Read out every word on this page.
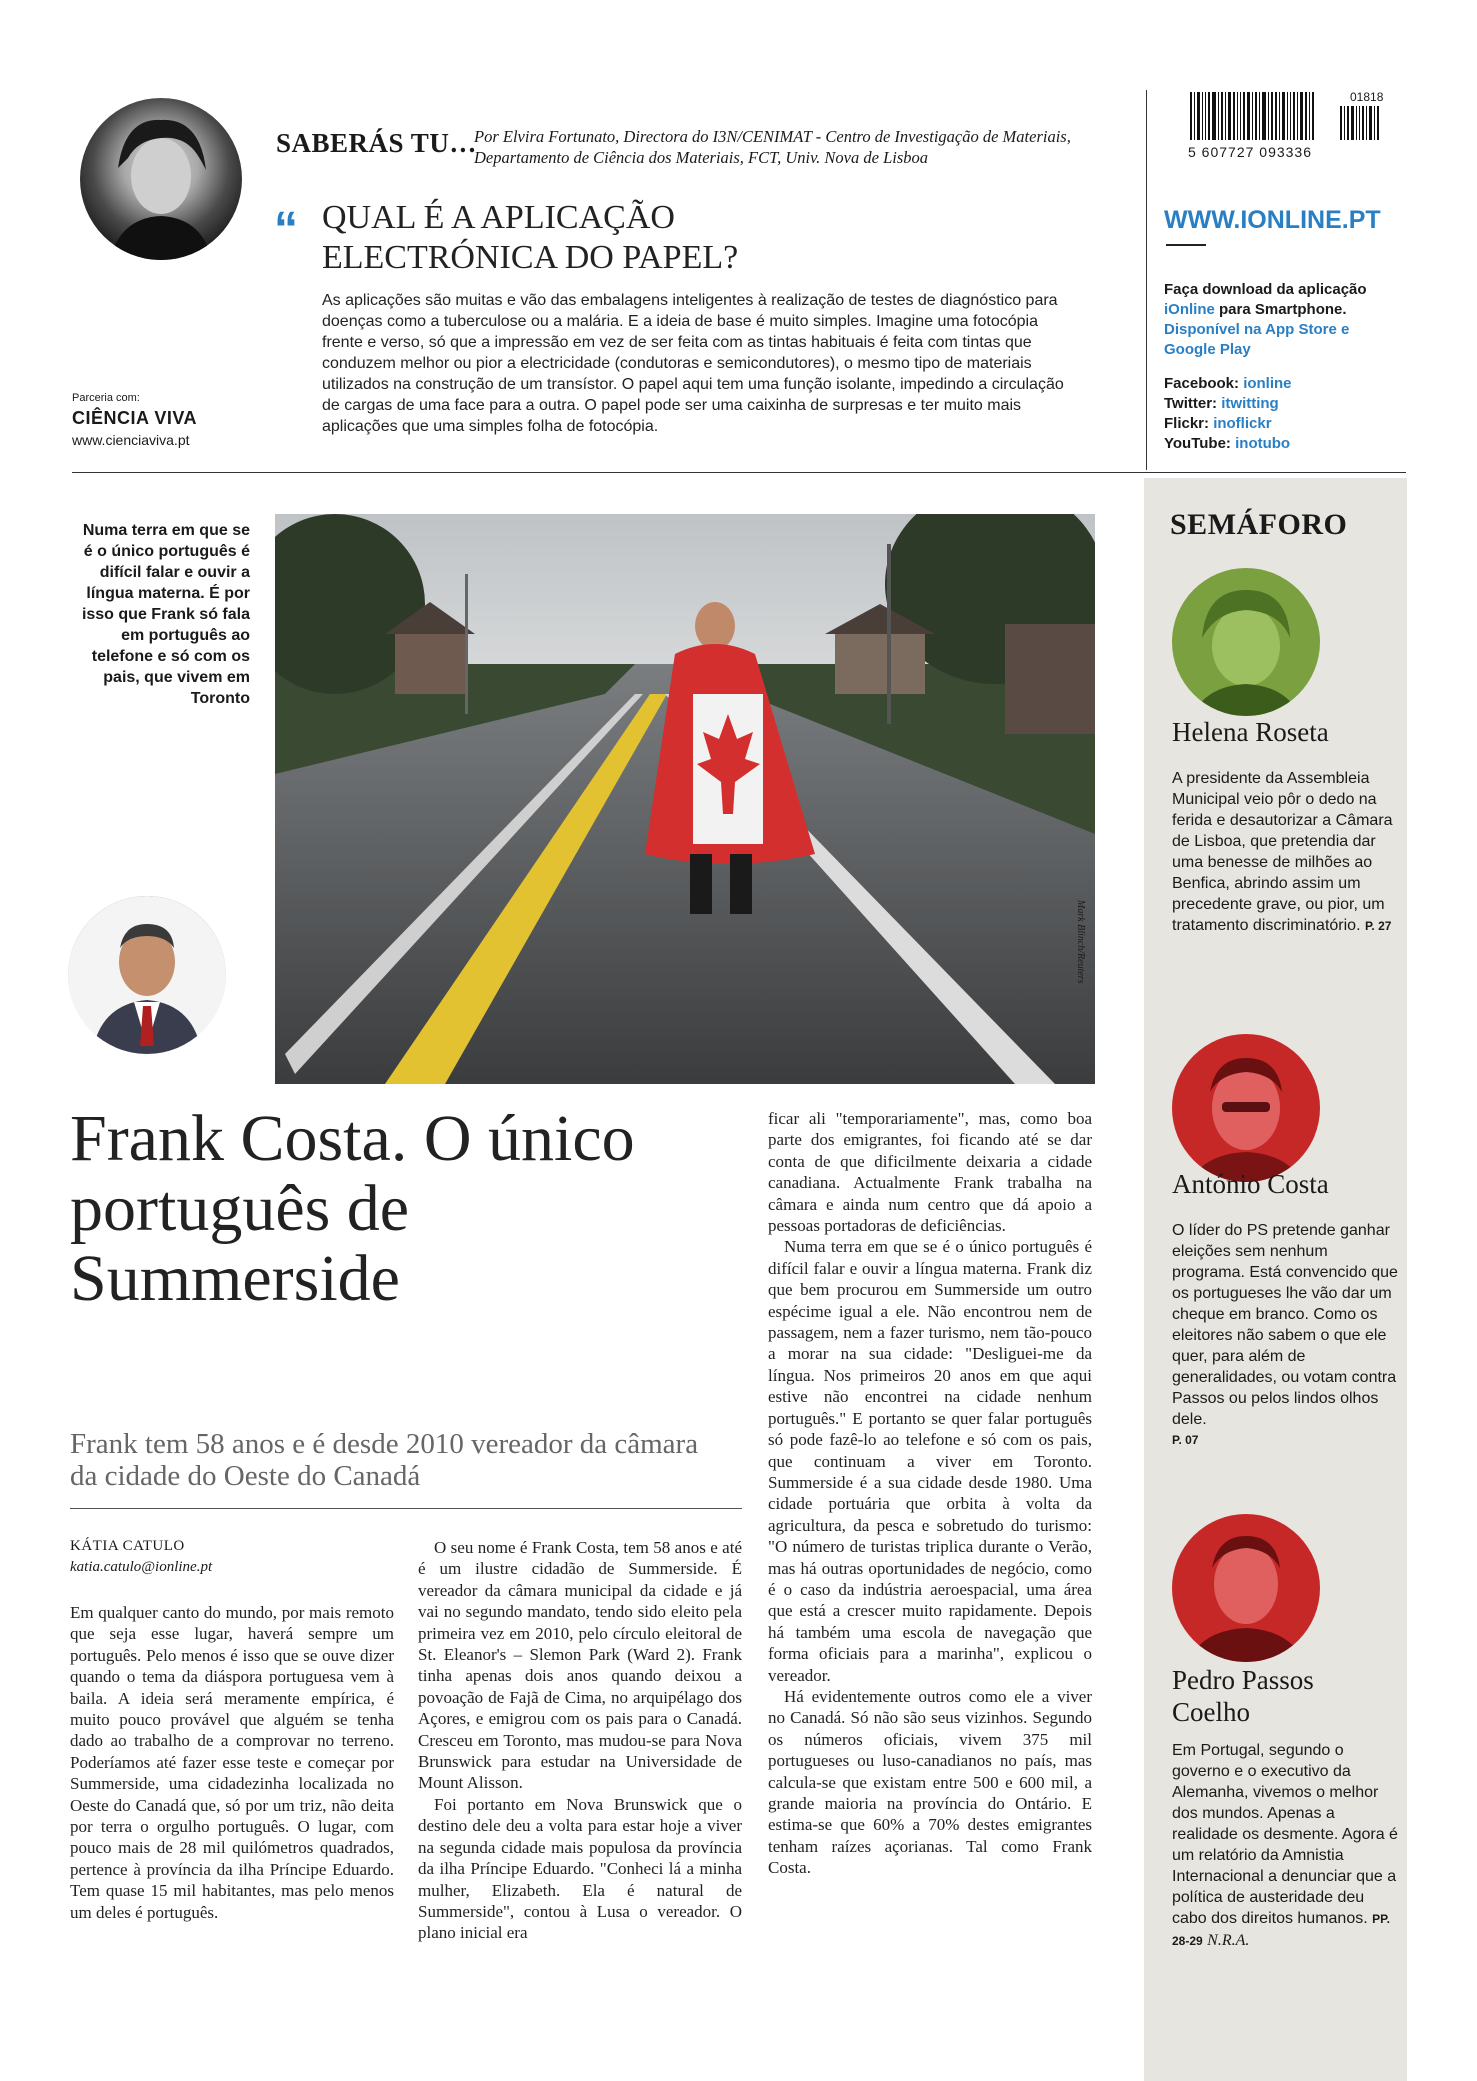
SABERÁS TU…
Por Elvira Fortunato, Directora do I3N/CENIMAT - Centro de Investigação de Materiais, Departamento de Ciência dos Materiais, FCT, Univ. Nova de Lisboa
“ QUAL É A APLICAÇÃO ELECTRÓNICA DO PAPEL?
As aplicações são muitas e vão das embalagens inteligentes à realização de testes de diagnóstico para doenças como a tuberculose ou a malária. E a ideia de base é muito simples. Imagine uma fotocópia frente e verso, só que a impressão em vez de ser feita com as tintas habituais é feita com tintas que conduzem melhor ou pior a electricidade (condutoras e semicondutores), o mesmo tipo de materiais utilizados na construção de um transístor. O papel aqui tem uma função isolante, impedindo a circulação de cargas de uma face para a outra. O papel pode ser uma caixinha de surpresas e ter muito mais aplicações que uma simples folha de fotocópia.
Parceria com:
CIÊNCIA VIVA
www.cienciaviva.pt
01818
5 607727 093336
WWW.IONLINE.PT
Faça download da aplicação iOnline para Smartphone.
Disponível na App Store e Google Play
Facebook: ionline
Twitter: itwitting
Flickr: inoflickr
YouTube: inotubo
SEMÁFORO
Helena Roseta
A presidente da Assembleia Municipal veio pôr o dedo na ferida e desautorizar a Câmara de Lisboa, que pretendia dar uma benesse de milhões ao Benfica, abrindo assim um precedente grave, ou pior, um tratamento discriminatório. P. 27
António Costa
O líder do PS pretende ganhar eleições sem nenhum programa. Está convencido que os portugueses lhe vão dar um cheque em branco. Como os eleitores não sabem o que ele quer, para além de generalidades, ou votam contra Passos ou pelos lindos olhos dele.
P. 07
Pedro Passos Coelho
Em Portugal, segundo o governo e o executivo da Alemanha, vivemos o melhor dos mundos. Apenas a realidade os desmente. Agora é um relatório da Amnistia Internacional a denunciar que a política de austeridade deu cabo dos direitos humanos. PP. 28-29 N.R.A.
Numa terra em que se é o único português é difícil falar e ouvir a língua materna. É por isso que Frank só fala em português ao telefone e só com os pais, que vivem em Toronto
Mark Blinch/Reuters
Frank Costa. O único português de Summerside
Frank tem 58 anos e é desde 2010 vereador da câmara da cidade do Oeste do Canadá
KÁTIA CATULO
katia.catulo@ionline.pt

Em qualquer canto do mundo, por mais remoto que seja esse lugar, haverá sempre um português. Pelo menos é isso que se ouve dizer quando o tema da diáspora portuguesa vem à baila. A ideia será meramente empírica, é muito pouco provável que alguém se tenha dado ao trabalho de a comprovar no terreno. Poderíamos até fazer esse teste e começar por Summerside, uma cidadezinha localizada no Oeste do Canadá que, só por um triz, não deita por terra o orgulho português. O lugar, com pouco mais de 28 mil quilómetros quadrados, pertence à província da ilha Príncipe Eduardo. Tem quase 15 mil habitantes, mas pelo menos um deles é português.

O seu nome é Frank Costa, tem 58 anos e até é um ilustre cidadão de Summerside. É vereador da câmara municipal da cidade e já vai no segundo mandato, tendo sido eleito pela primeira vez em 2010, pelo círculo eleitoral de St. Eleanor's – Slemon Park (Ward 2). Frank tinha apenas dois anos quando deixou a povoação de Fajã de Cima, no arquipélago dos Açores, e emigrou com os pais para o Canadá. Cresceu em Toronto, mas mudou-se para Nova Brunswick para estudar na Universidade de Mount Alisson.

Foi portanto em Nova Brunswick que o destino dele deu a volta para estar hoje a viver na segunda cidade mais populosa da província da ilha Príncipe Eduardo. "Conheci lá a minha mulher, Elizabeth. Ela é natural de Summerside", contou à Lusa o vereador. O plano inicial era

ficar ali "temporariamente", mas, como boa parte dos emigrantes, foi ficando até se dar conta de que dificilmente deixaria a cidade canadiana. Actualmente Frank trabalha na câmara e ainda num centro que dá apoio a pessoas portadoras de deficiências.

Numa terra em que se é o único português é difícil falar e ouvir a língua materna. Frank diz que bem procurou em Summerside um outro espécime igual a ele. Não encontrou nem de passagem, nem a fazer turismo, nem tão-pouco a morar na sua cidade: "Desliguei-me da língua. Nos primeiros 20 anos em que aqui estive não encontrei na cidade nenhum português." E portanto se quer falar português só pode fazê-lo ao telefone e só com os pais, que continuam a viver em Toronto. Summerside é a sua cidade desde 1980. Uma cidade portuária que orbita à volta da agricultura, da pesca e sobretudo do turismo: "O número de turistas triplica durante o Verão, mas há outras oportunidades de negócio, como é o caso da indústria aeroespacial, uma área que está a crescer muito rapidamente. Depois há também uma escola de navegação que forma oficiais para a marinha", explicou o vereador.

Há evidentemente outros como ele a viver no Canadá. Só não são seus vizinhos. Segundo os números oficiais, vivem 375 mil portugueses ou luso-canadianos no país, mas calcula-se que existam entre 500 e 600 mil, a grande maioria na província do Ontário. E estima-se que 60% a 70% destes emigrantes tenham raízes açorianas. Tal como Frank Costa.
